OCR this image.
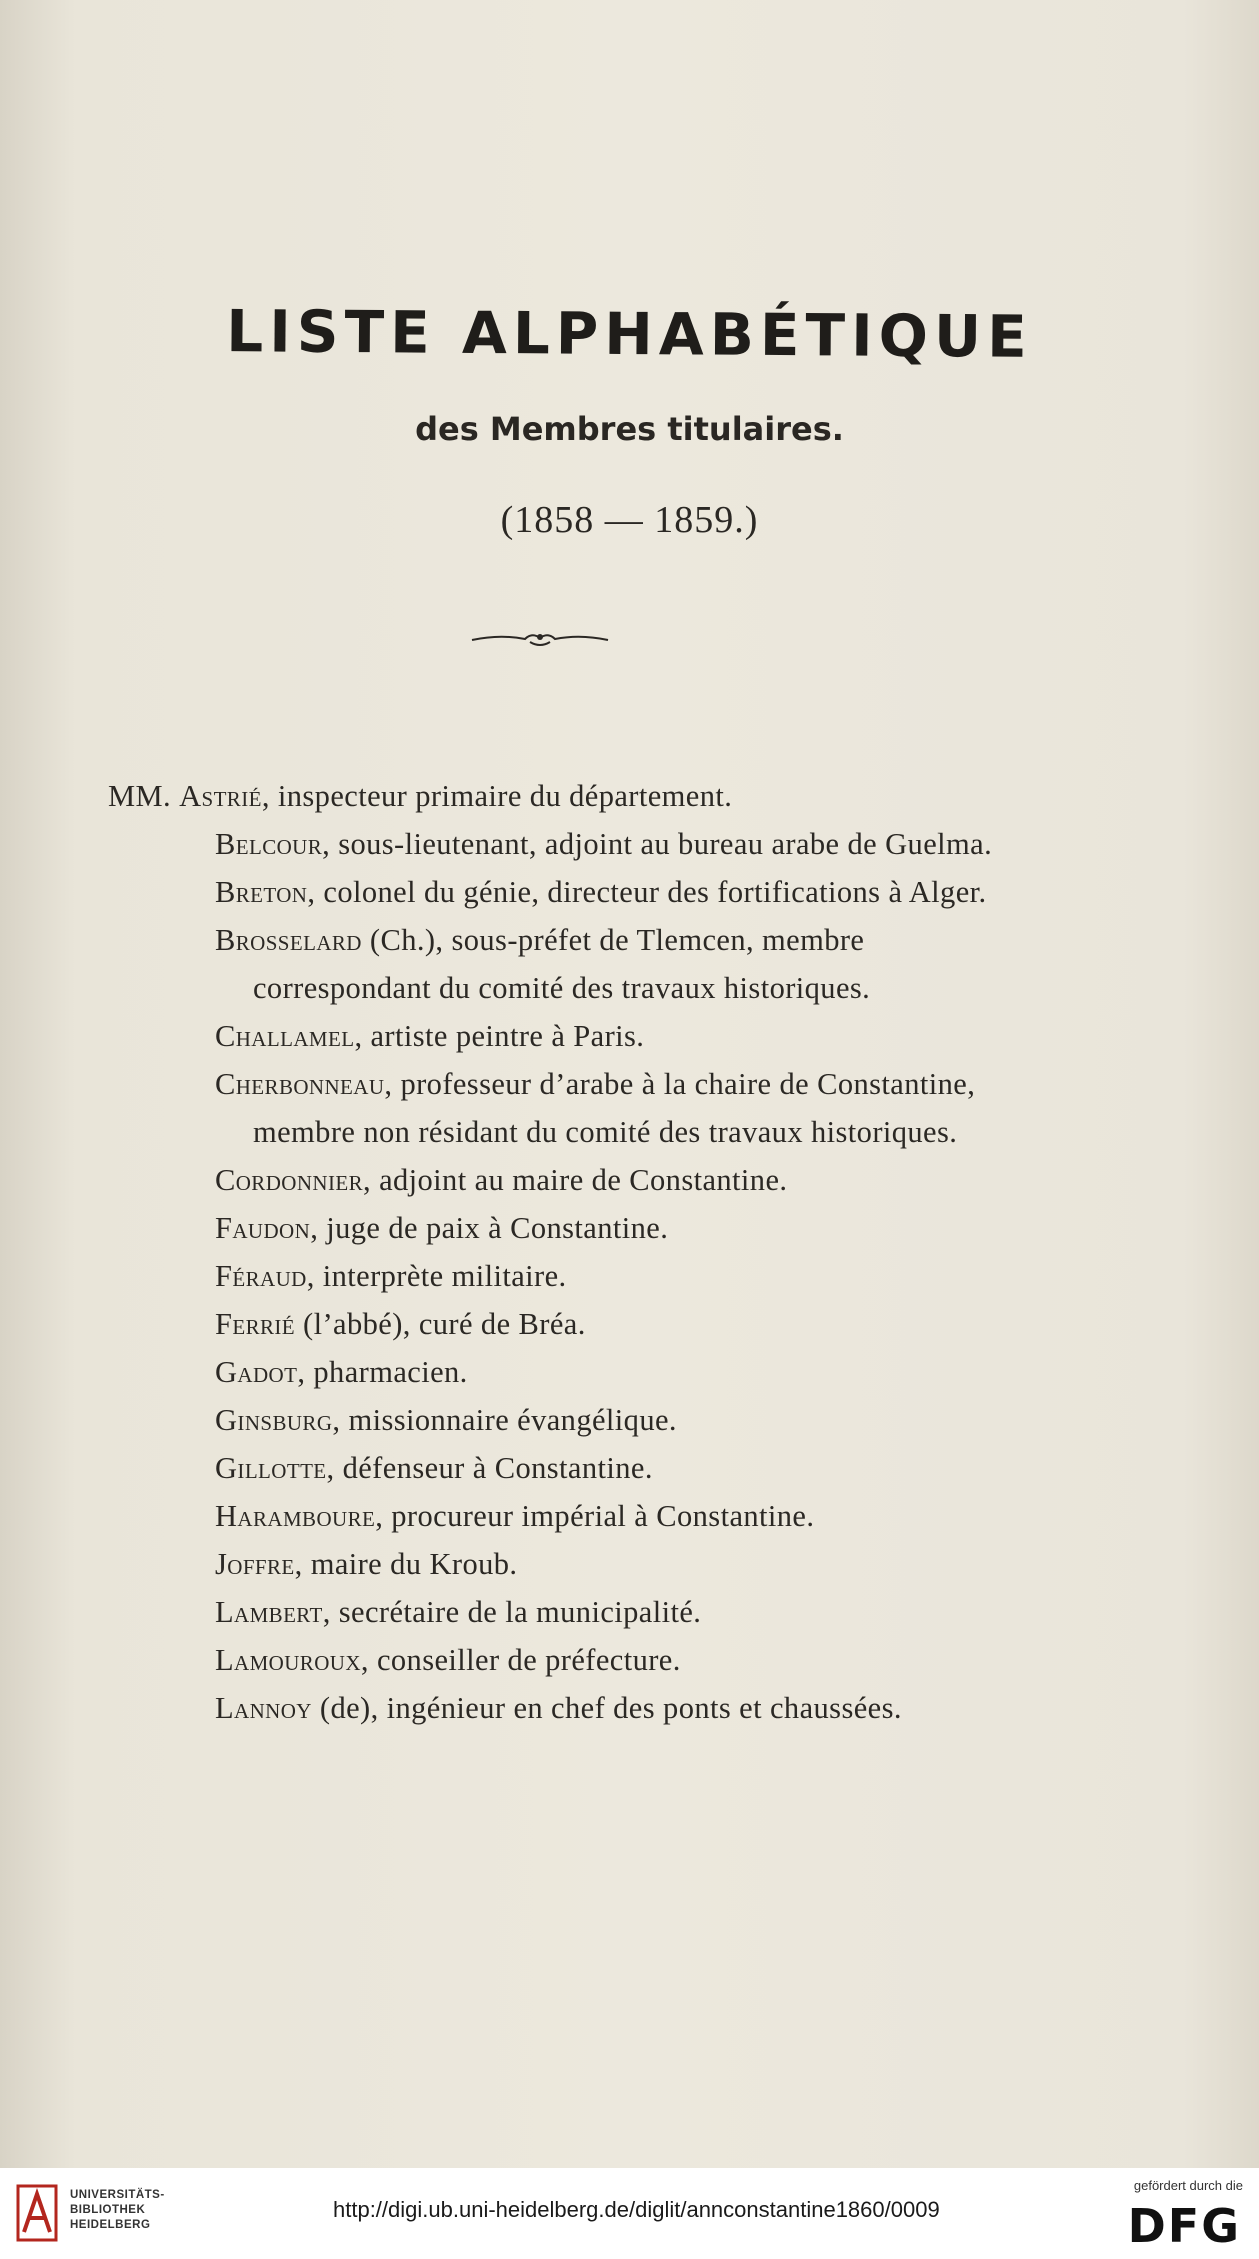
LISTE ALPHABÉTIQUE
des Membres titulaires.
(1858 — 1859.)
MM. Astrié, inspecteur primaire du département.
Belcour, sous-lieutenant, adjoint au bureau arabe de Guelma.
Breton, colonel du génie, directeur des fortifications à Alger.
Brosselard (Ch.), sous-préfet de Tlemcen, membre correspondant du comité des travaux historiques.
Challamel, artiste peintre à Paris.
Cherbonneau, professeur d’arabe à la chaire de Constantine, membre non résidant du comité des travaux historiques.
Cordonnier, adjoint au maire de Constantine.
Faudon, juge de paix à Constantine.
Féraud, interprète militaire.
Ferrié (l’abbé), curé de Bréa.
Gadot, pharmacien.
Ginsburg, missionnaire évangélique.
Gillotte, défenseur à Constantine.
Haramboure, procureur impérial à Constantine.
Joffre, maire du Kroub.
Lambert, secrétaire de la municipalité.
Lamouroux, conseiller de préfecture.
Lannoy (de), ingénieur en chef des ponts et chaussées.
UNIVERSITÄTS-
BIBLIOTHEK
HEIDELBERG
http://digi.ub.uni-heidelberg.de/diglit/annconstantine1860/0009
gefördert durch die
DFG
